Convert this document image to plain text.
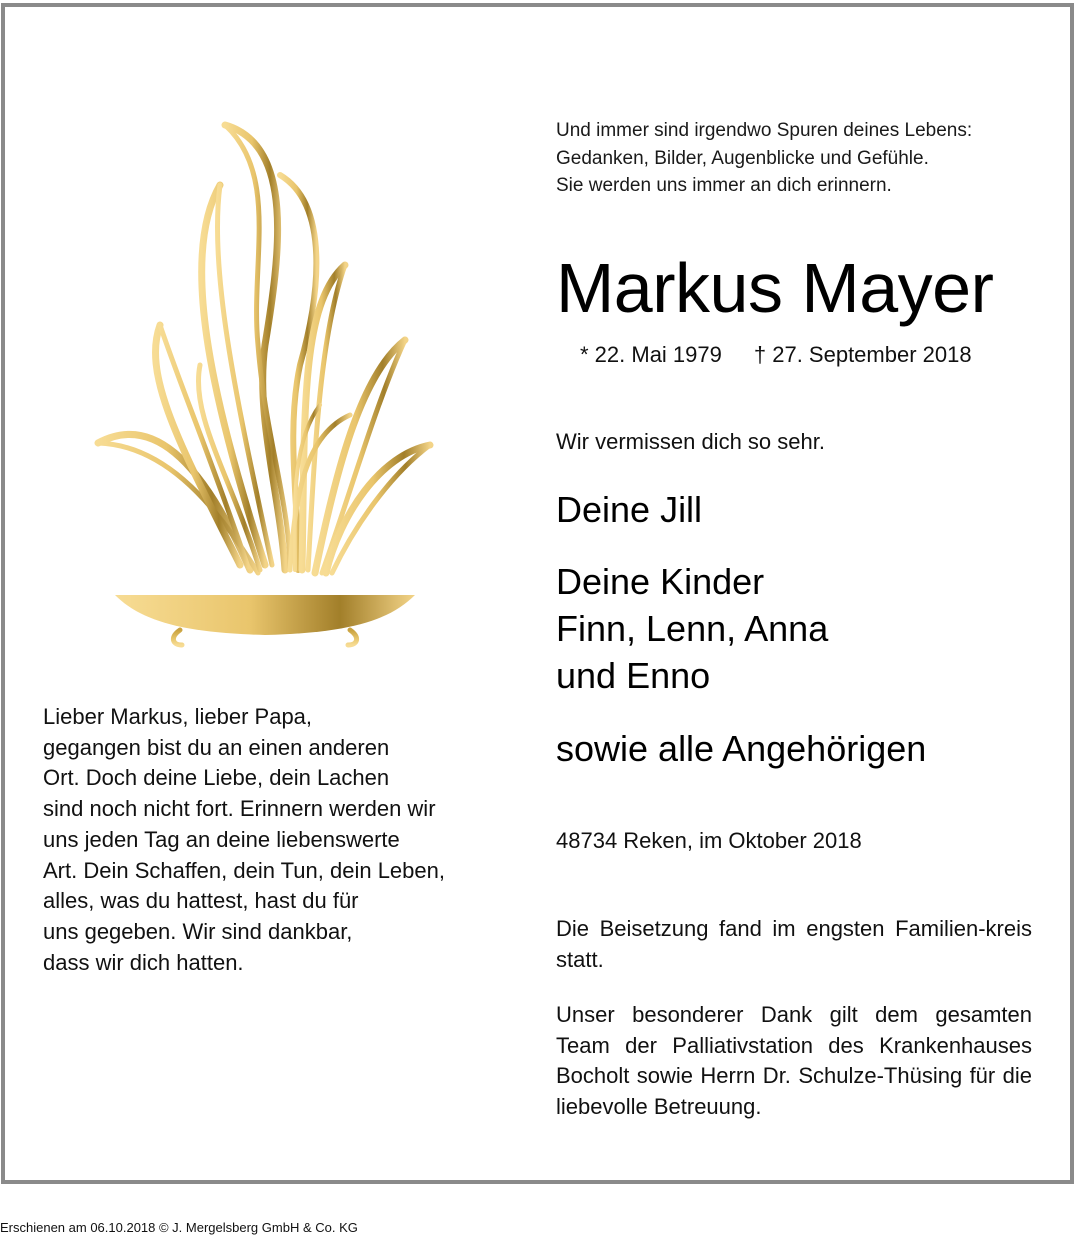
Und immer sind irgendwo Spuren deines Lebens:
Gedanken, Bilder, Augenblicke und Gefühle.
Sie werden uns immer an dich erinnern.
Markus Mayer
* 22. Mai 1979 † 27. September 2018
Wir vermissen dich so sehr.
Deine Jill
Deine Kinder
Finn, Lenn, Anna
und Enno
sowie alle Angehörigen
48734 Reken, im Oktober 2018
Die Beisetzung fand im engsten Familien-kreis statt.
Unser besonderer Dank gilt dem gesamten Team der Palliativstation des Krankenhauses Bocholt sowie Herrn Dr. Schulze-Thüsing für die liebevolle Betreuung.
Lieber Markus, lieber Papa,
gegangen bist du an einen anderen
Ort. Doch deine Liebe, dein Lachen
sind noch nicht fort. Erinnern werden wir
uns jeden Tag an deine liebenswerte
Art. Dein Schaffen, dein Tun, dein Leben,
alles, was du hattest, hast du für
uns gegeben. Wir sind dankbar,
dass wir dich hatten.
Erschienen am 06.10.2018 © J. Mergelsberg GmbH & Co. KG
